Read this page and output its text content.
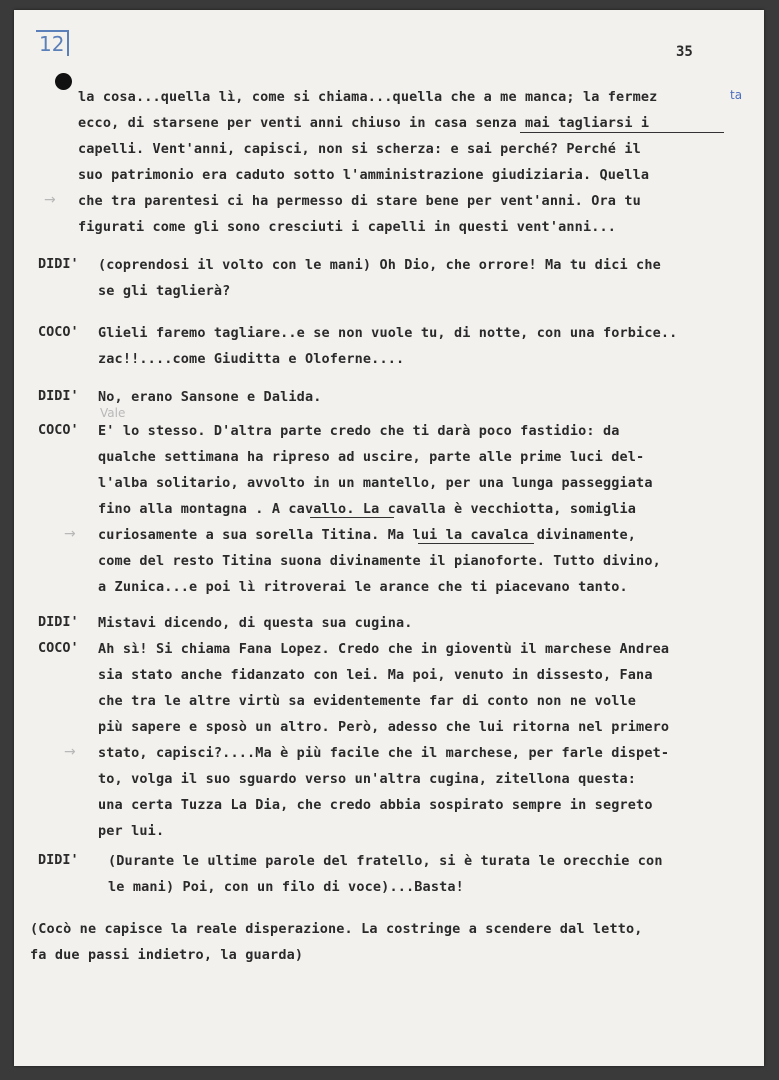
12	35
la cosa...quella lì, come si chiama...quella che a me manca; la fermez	ta
ecco, di starsene per venti anni chiuso in casa senza mai tagliarsi i
capelli. Vent'anni, capisci, non si scherza: e sai perché? Perché il
suo patrimonio era caduto sotto l'amministrazione giudiziaria. Quella
che tra parentesi ci ha permesso di stare bene per vent'anni. Ora tu
→
figurati come gli sono cresciuti i capelli in questi vent'anni...
DIDI' (coprendosi il volto con le mani) Oh Dio, che orrore! Ma tu dici che
se gli taglierà?
COCO' Glieli faremo tagliare..e se non vuole tu, di notte, con una forbice..
zac!!....come Giuditta e Oloferne....
DIDI' No, erano Sansone e Dalida.
Vale
COCO' E' lo stesso. D'altra parte credo che ti darà poco fastidio: da
qualche settimana ha ripreso ad uscire, parte alle prime luci del-
l'alba solitario, avvolto in un mantello, per una lunga passeggiata
fino alla montagna . A cavallo. La cavalla è vecchiotta, somiglia
→ curiosamente a sua sorella Titina. Ma lui la cavalca divinamente,
come del resto Titina suona divinamente il pianoforte. Tutto divino,
a Zunica...e poi lì ritroverai le arance che ti piacevano tanto.
DIDI' Mistavi dicendo, di questa sua cugina.
COCO' Ah sì! Si chiama Fana Lopez. Credo che in gioventù il marchese Andrea
sia stato anche fidanzato con lei. Ma poi, venuto in dissesto, Fana
che tra le altre virtù sa evidentemente far di conto non ne volle
più sapere e sposò un altro. Però, adesso che lui ritorna nel primero
→ stato, capisci?....Ma è più facile che il marchese, per farle dispet-
to, volga il suo sguardo verso un'altra cugina, zitellona questa:
una certa Tuzza La Dia, che credo abbia sospirato sempre in segreto
per lui.
DIDI' (Durante le ultime parole del fratello, si è turata le orecchie con
le mani) Poi, con un filo di voce)...Basta!
(Cocò ne capisce la reale disperazione. La costringe a scendere dal letto,
fa due passi indietro, la guarda)
